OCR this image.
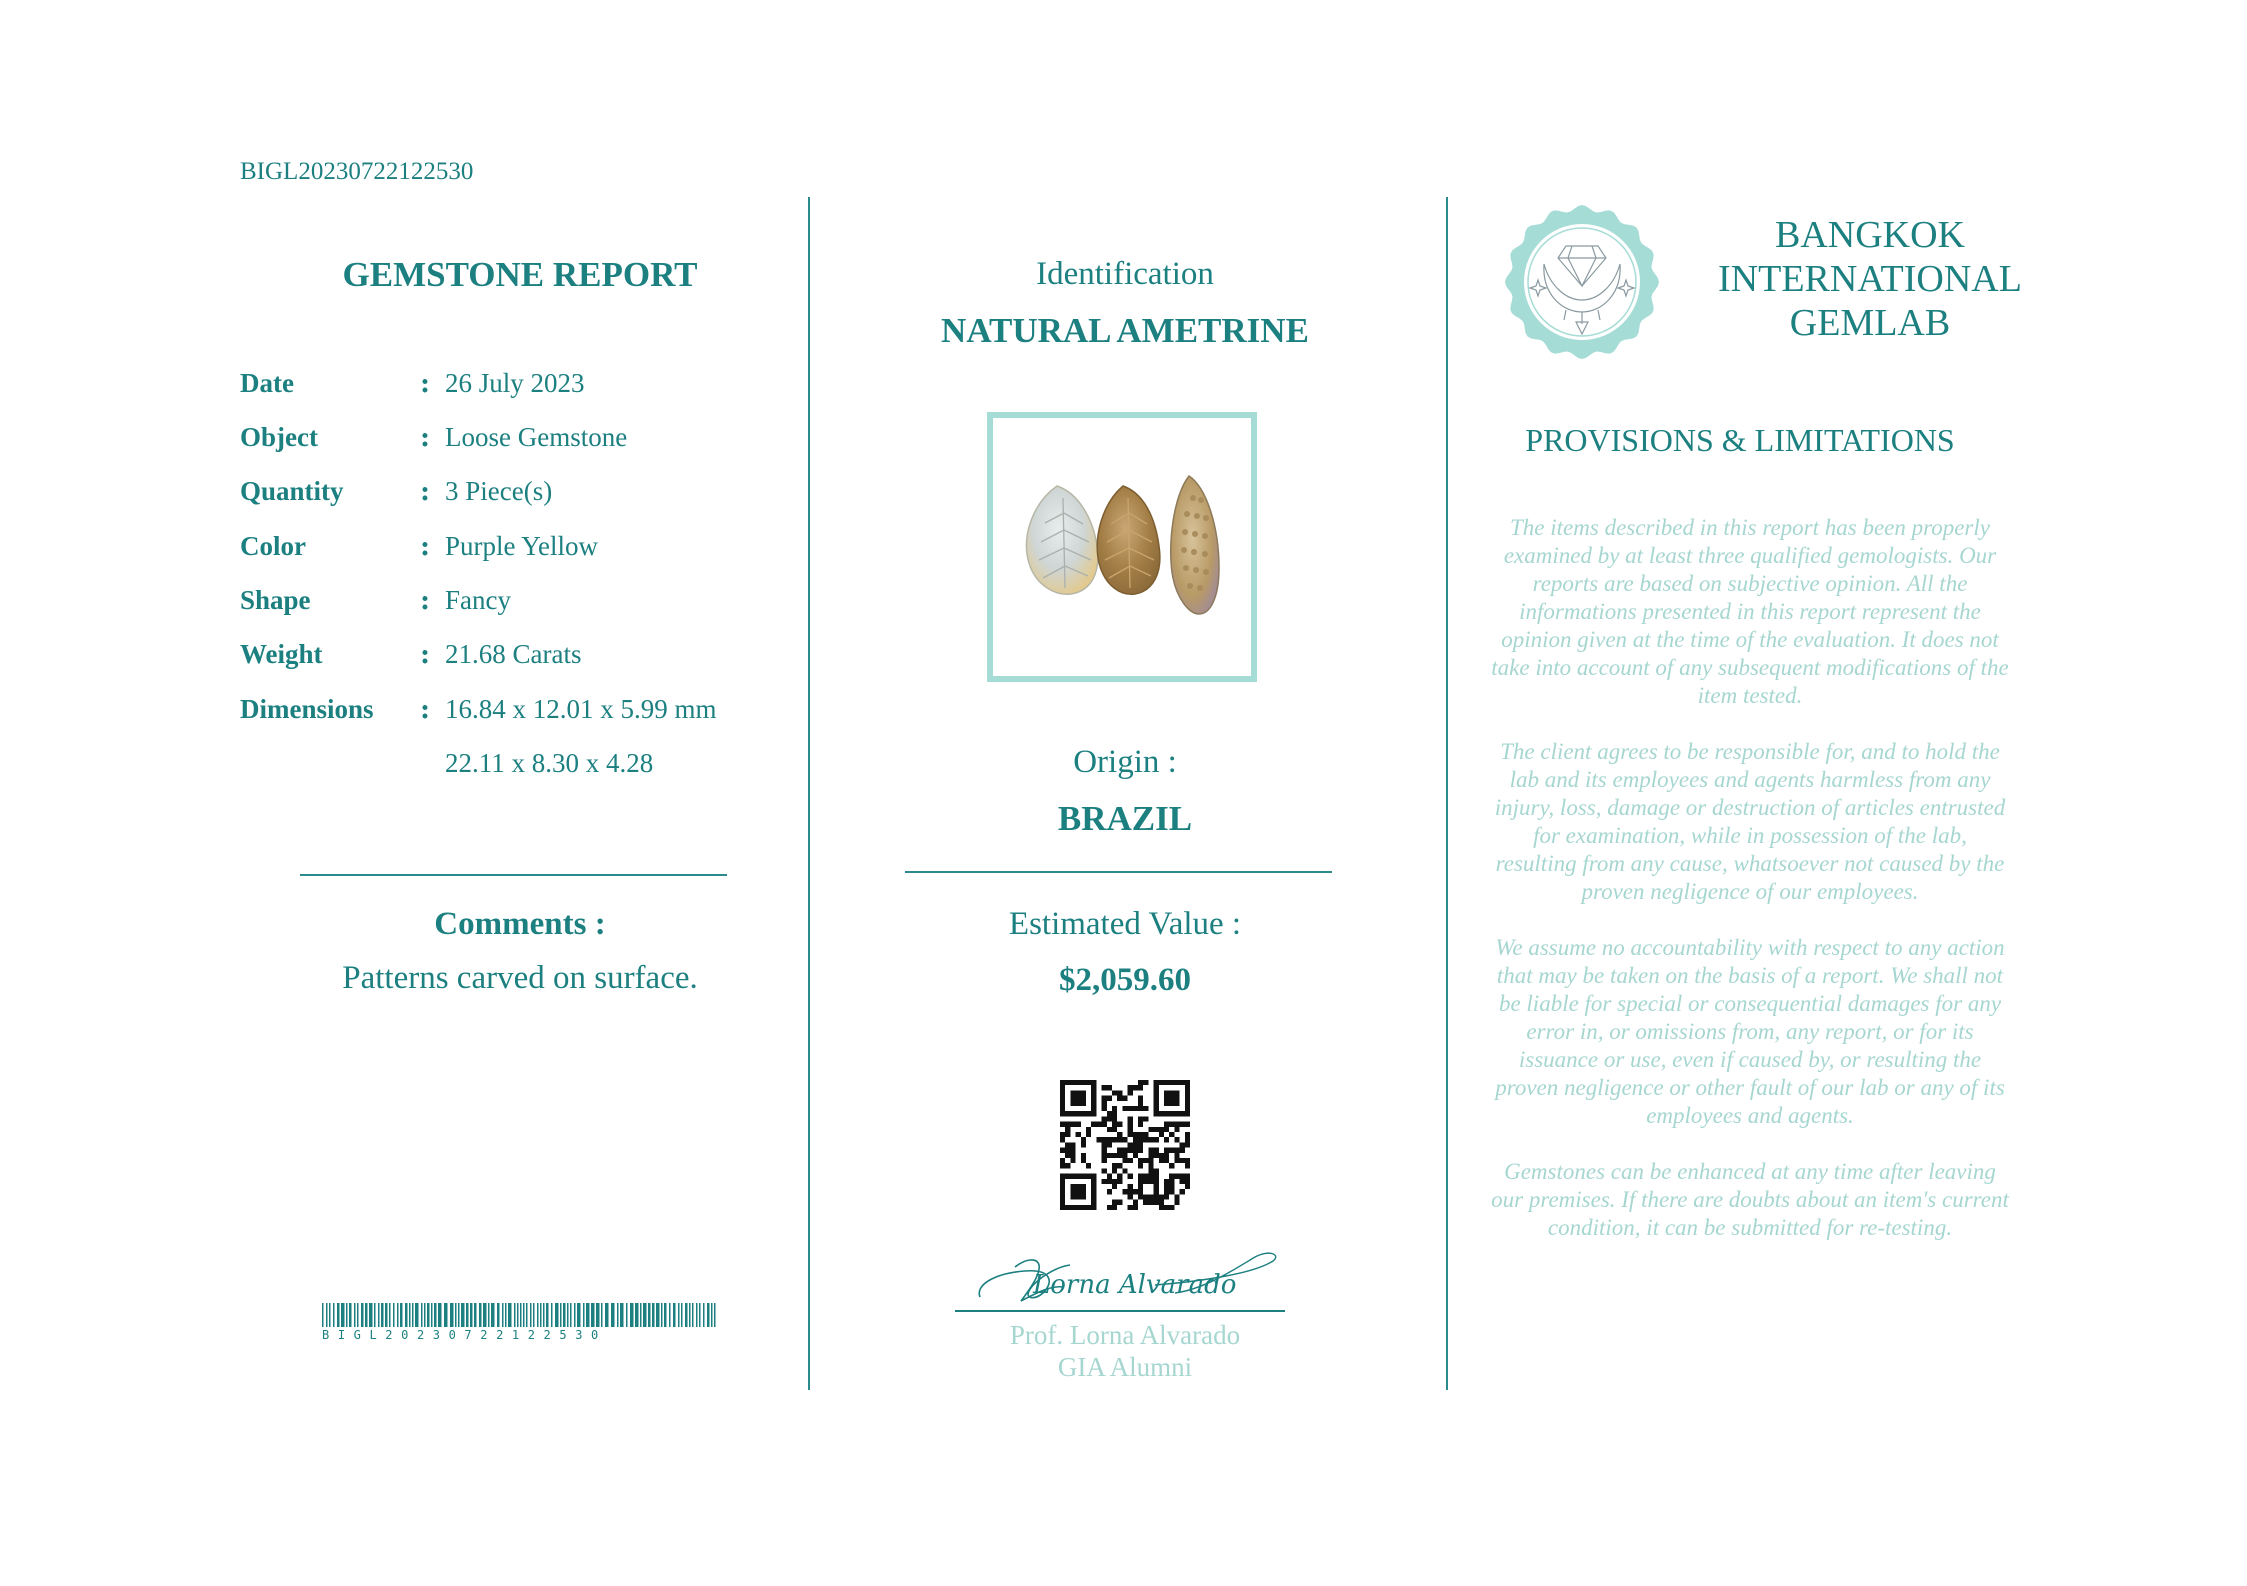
BIGL20230722122530
GEMSTONE REPORT
Date	: 26 July 2023
Object	: Loose Gemstone
Quantity	: 3 Piece(s)
Color	: Purple Yellow
Shape	: Fancy
Weight	: 21.68 Carats
Dimensions : 16.84 x 12.01 x 5.99 mm
22.11 x 8.30 x 4.28
Comments :
Patterns carved on surface.
BIGL20230722122530
Identification
NATURAL AMETRINE
Origin :
BRAZIL
Estimated Value :
$2,059.60
Lorna Alvarado
Prof. Lorna Alvarado
GIA Alumni
BANGKOK
INTERNATIONAL
GEMLAB
PROVISIONS & LIMITATIONS

The items described in this report has been properly examined by at least three qualified gemologists. Our reports are based on subjective opinion. All the informations presented in this report represent the opinion given at the time of the evaluation. It does not take into account of any subsequent modifications of the item tested.

The client agrees to be responsible for, and to hold the lab and its employees and agents harmless from any injury, loss, damage or destruction of articles entrusted for examination, while in possession of the lab, resulting from any cause, whatsoever not caused by the proven negligence of our employees.

We assume no accountability with respect to any action that may be taken on the basis of a report. We shall not be liable for special or consequential damages for any error in, or omissions from, any report, or for its issuance or use, even if caused by, or resulting the proven negligence or other fault of our lab or any of its employees and agents.

Gemstones can be enhanced at any time after leaving our premises. If there are doubts about an item's current condition, it can be submitted for re-testing.
